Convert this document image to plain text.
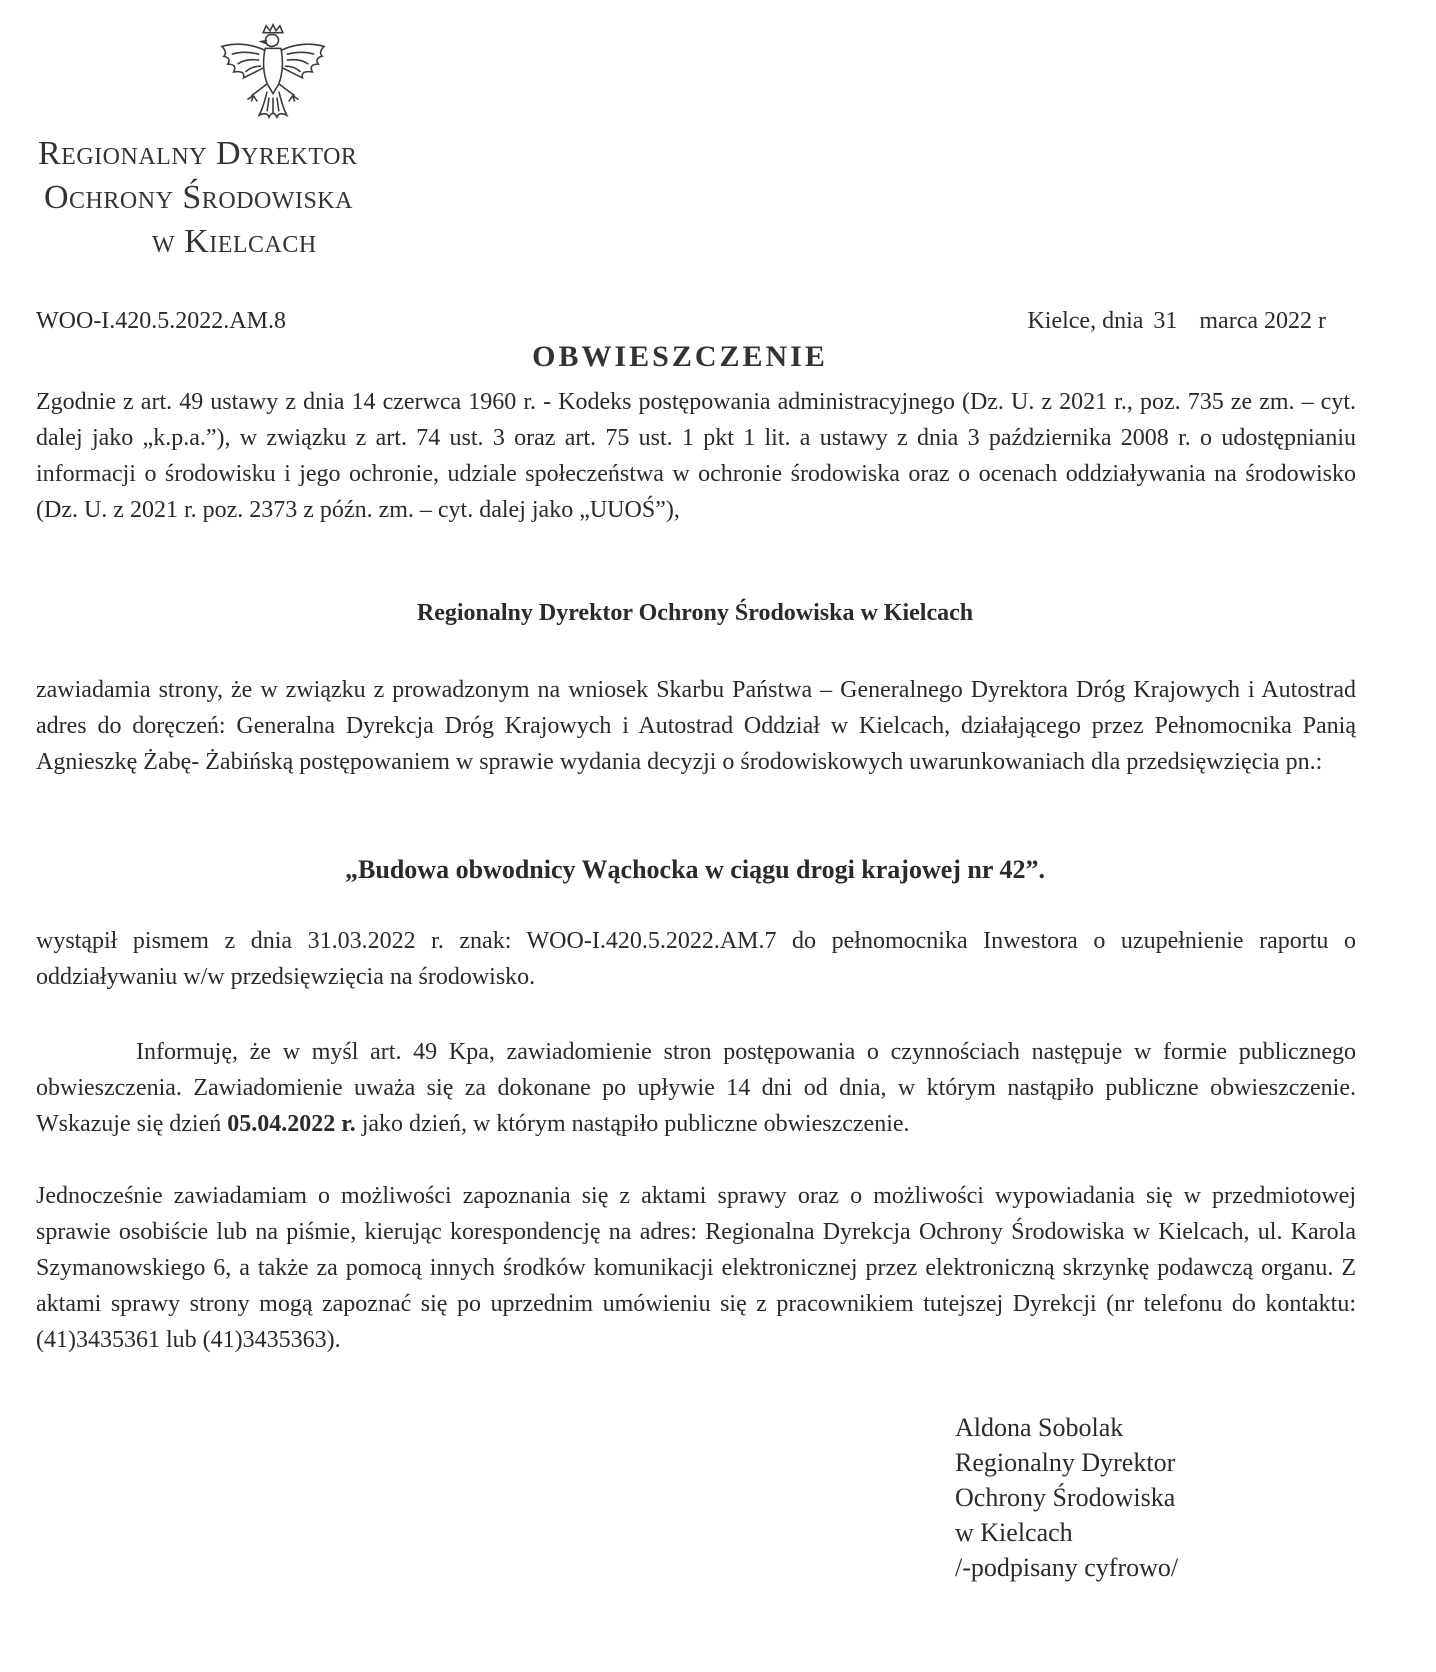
Regionalny Dyrektor
Ochrony Środowiska
w Kielcach
WOO-I.420.5.2022.AM.8	Kielce, dnia 31 marca 2022 r
OBWIESZCZENIE
Zgodnie z art. 49 ustawy z dnia 14 czerwca 1960 r. - Kodeks postępowania administracyjnego (Dz. U. z 2021 r., poz. 735 ze zm. – cyt. dalej jako „k.p.a.”), w związku z art. 74 ust. 3 oraz art. 75 ust. 1 pkt 1 lit. a ustawy z dnia 3 października 2008 r. o udostępnianiu informacji o środowisku i jego ochronie, udziale społeczeństwa w ochronie środowiska oraz o ocenach oddziaływania na środowisko (Dz. U. z 2021 r. poz. 2373 z późn. zm. – cyt. dalej jako „UUOŚ”),
Regionalny Dyrektor Ochrony Środowiska w Kielcach
zawiadamia strony, że w związku z prowadzonym na wniosek Skarbu Państwa – Generalnego Dyrektora Dróg Krajowych i Autostrad adres do doręczeń: Generalna Dyrekcja Dróg Krajowych i Autostrad Oddział w Kielcach, działającego przez Pełnomocnika Panią Agnieszkę Żabę- Żabińską postępowaniem w sprawie wydania decyzji o środowiskowych uwarunkowaniach dla przedsięwzięcia pn.:
„Budowa obwodnicy Wąchocka w ciągu drogi krajowej nr 42”.
wystąpił pismem z dnia 31.03.2022 r. znak: WOO-I.420.5.2022.AM.7 do pełnomocnika Inwestora o uzupełnienie raportu o oddziaływaniu w/w przedsięwzięcia na środowisko.
Informuję, że w myśl art. 49 Kpa, zawiadomienie stron postępowania o czynnościach następuje w formie publicznego obwieszczenia. Zawiadomienie uważa się za dokonane po upływie 14 dni od dnia, w którym nastąpiło publiczne obwieszczenie. Wskazuje się dzień 05.04.2022 r. jako dzień, w którym nastąpiło publiczne obwieszczenie.
Jednocześnie zawiadamiam o możliwości zapoznania się z aktami sprawy oraz o możliwości wypowiadania się w przedmiotowej sprawie osobiście lub na piśmie, kierując korespondencję na adres: Regionalna Dyrekcja Ochrony Środowiska w Kielcach, ul. Karola Szymanowskiego 6, a także za pomocą innych środków komunikacji elektronicznej przez elektroniczną skrzynkę podawczą organu. Z aktami sprawy strony mogą zapoznać się po uprzednim umówieniu się z pracownikiem tutejszej Dyrekcji (nr telefonu do kontaktu: (41)3435361 lub (41)3435363).
Aldona Sobolak
Regionalny Dyrektor
Ochrony Środowiska
w Kielcach
/-podpisany cyfrowo/
